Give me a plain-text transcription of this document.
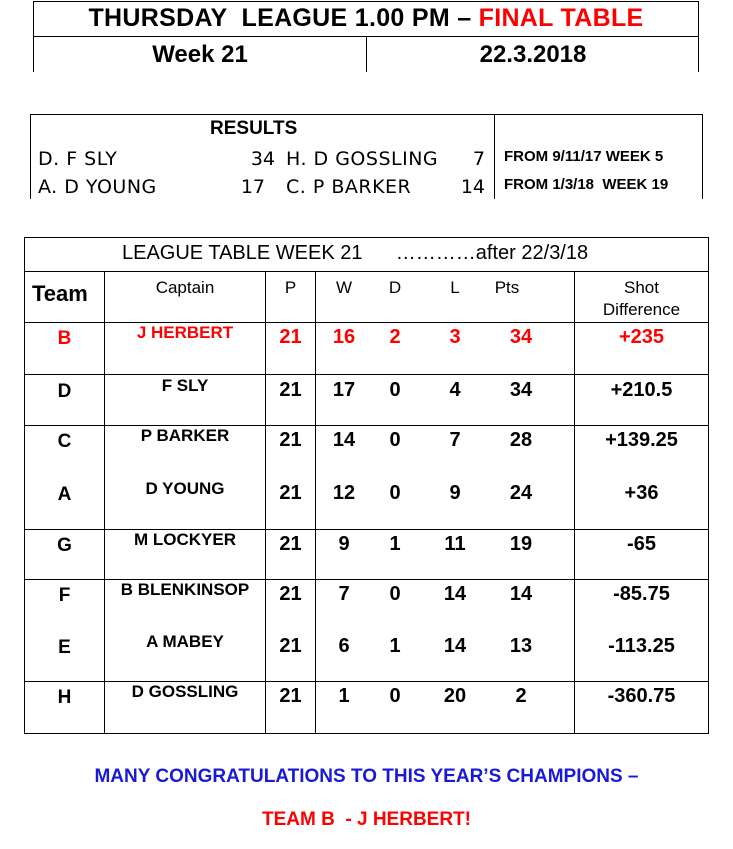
THURSDAY  LEAGUE 1.00 PM – FINAL TABLE
Week 21	22.3.2018
RESULTS
D. F SLY	34 H. D GOSSLING	7 FROM 9/11/17 WEEK 5
A. D YOUNG	17 C. P BARKER	14 FROM 1/3/18  WEEK 19
LEAGUE TABLE WEEK 21      …………after 22/3/18
Team	Captain	P	W	D	L	Pts	Shot
Difference
B	J HERBERT	21	16	2	3	34	+235
D	F SLY	21	17	0	4	34	+210.5
C	P BARKER	21	14	0	7	28	+139.25
A	D YOUNG	21	12	0	9	24	+36
G	M LOCKYER	21	9	1	11	19	-65
F	B BLENKINSOP	21	7	0	14	14	-85.75
E	A MABEY	21	6	1	14	13	-113.25
H	D GOSSLING	21	1	0	20	2	-360.75
MANY CONGRATULATIONS TO THIS YEAR’S CHAMPIONS –
TEAM B  - J HERBERT!
